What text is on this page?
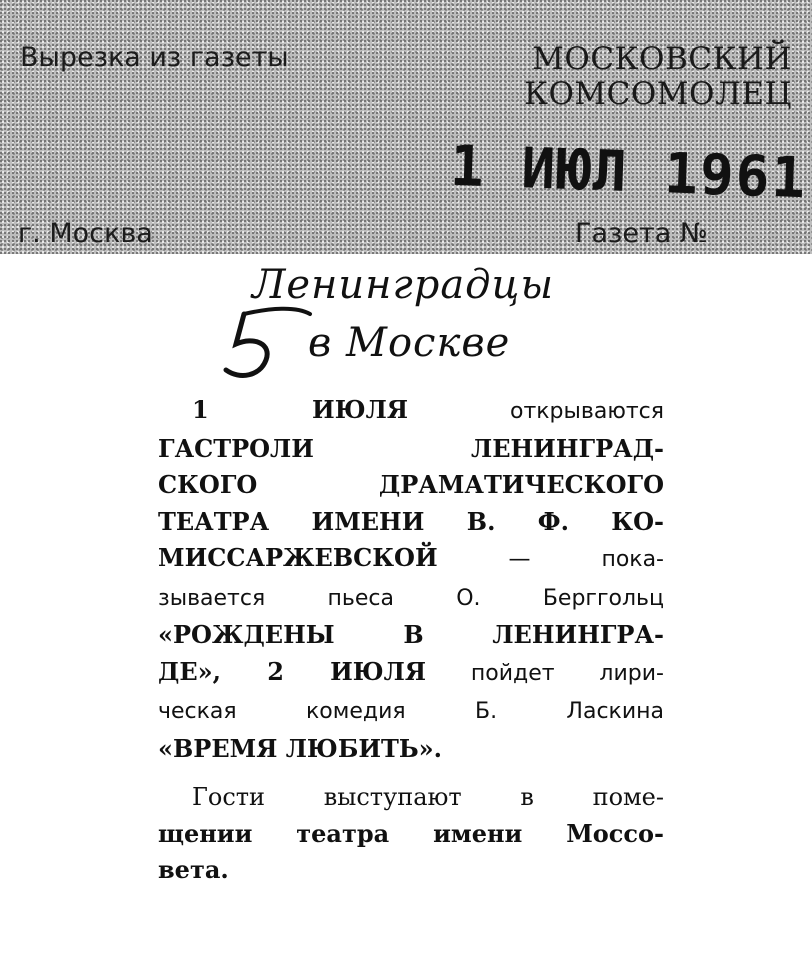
Вырезка из газеты	МОСКОВСКИЙ
КОМСОМОЛЕЦ
1 ИЮЛ 1961
г. Москва	Газета №
Ленинградцы
в Москве
1 ИЮЛЯ открываются
ГАСТРОЛИ ЛЕНИНГРАД-
СКОГО ДРАМАТИЧЕСКОГО
ТЕАТРА ИМЕНИ В. Ф. КО-
МИССАРЖЕВСКОЙ — пока-
зывается пьеса О. Берггольц
«РОЖДЕНЫ В ЛЕНИНГРА-
ДЕ», 2 ИЮЛЯ пойдет лири-
ческая комедия Б. Ласкина
«ВРЕМЯ ЛЮБИТЬ».
Гости выступают в поме-
щении театра имени Моссо-
вета.
